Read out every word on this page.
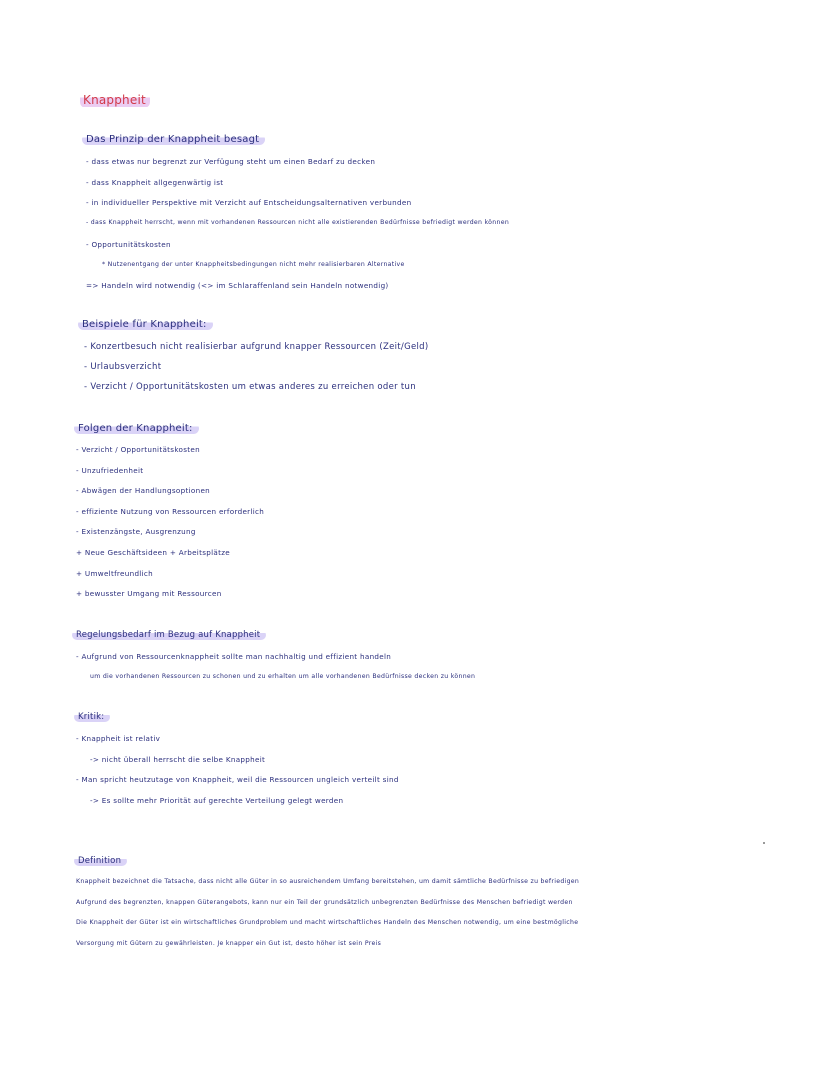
Knappheit
Das Prinzip der Knappheit besagt
- dass etwas nur begrenzt zur Verfügung steht um einen Bedarf zu decken
- dass Knappheit allgegenwärtig ist
- in individueller Perspektive mit Verzicht auf Entscheidungsalternativen verbunden
- dass Knappheit herrscht, wenn mit vorhandenen Ressourcen nicht alle existierenden Bedürfnisse befriedigt werden können
- Opportunitätskosten
* Nutzenentgang der unter Knappheitsbedingungen nicht mehr realisierbaren Alternative
=> Handeln wird notwendig (<> im Schlaraffenland sein Handeln notwendig)
Beispiele für Knappheit:
- Konzertbesuch nicht realisierbar aufgrund knapper Ressourcen (Zeit/Geld)
- Urlaubsverzicht
- Verzicht / Opportunitätskosten um etwas anderes zu erreichen oder tun
Folgen der Knappheit:
- Verzicht / Opportunitätskosten
- Unzufriedenheit
- Abwägen der Handlungsoptionen
- effiziente Nutzung von Ressourcen erforderlich
- Existenzängste, Ausgrenzung
+ Neue Geschäftsideen + Arbeitsplätze
+ Umweltfreundlich
+ bewusster Umgang mit Ressourcen
Regelungsbedarf im Bezug auf Knappheit
- Aufgrund von Ressourcenknappheit sollte man nachhaltig und effizient handeln
um die vorhandenen Ressourcen zu schonen und zu erhalten um alle vorhandenen Bedürfnisse decken zu können
Kritik:
- Knappheit ist relativ
-> nicht überall herrscht die selbe Knappheit
- Man spricht heutzutage von Knappheit, weil die Ressourcen ungleich verteilt sind
-> Es sollte mehr Priorität auf gerechte Verteilung gelegt werden
Definition
Knappheit bezeichnet die Tatsache, dass nicht alle Güter in so ausreichendem Umfang bereitstehen, um damit sämtliche Bedürfnisse zu befriedigen
Aufgrund des begrenzten, knappen Güterangebots, kann nur ein Teil der grundsätzlich unbegrenzten Bedürfnisse des Menschen befriedigt werden
Die Knappheit der Güter ist ein wirtschaftliches Grundproblem und macht wirtschaftliches Handeln des Menschen notwendig, um eine bestmögliche
Versorgung mit Gütern zu gewährleisten. Je knapper ein Gut ist, desto höher ist sein Preis
